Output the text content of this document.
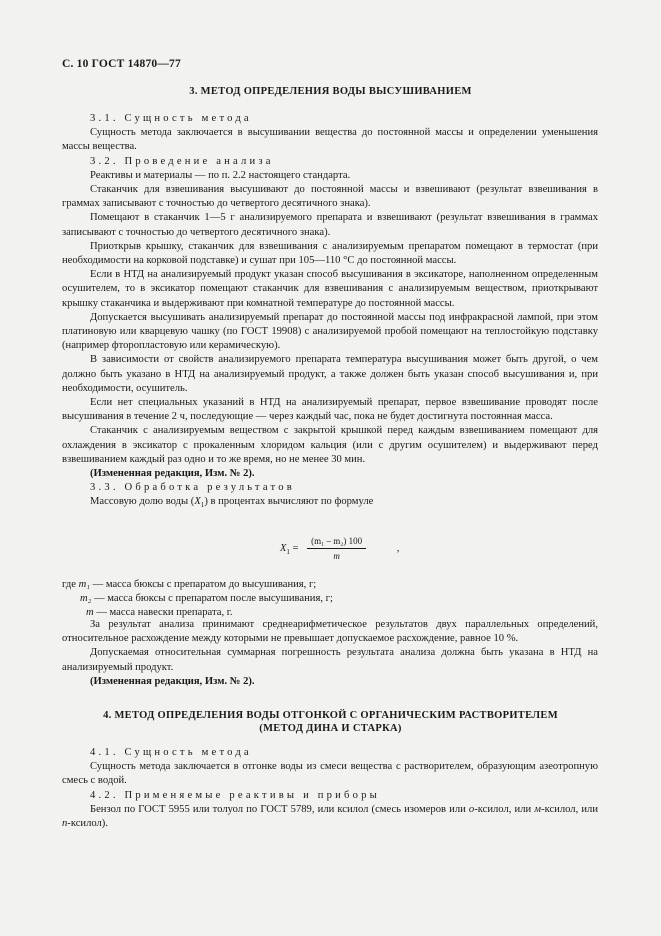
С. 10 ГОСТ 14870—77
3. МЕТОД ОПРЕДЕЛЕНИЯ ВОДЫ ВЫСУШИВАНИЕМ

3.1. Сущность метода

Сущность метода заключается в высушивании вещества до постоянной массы и определении уменьшения массы вещества.

3.2. Проведение анализа

Реактивы и материалы — по п. 2.2 настоящего стандарта.

Стаканчик для взвешивания высушивают до постоянной массы и взвешивают (результат взвешивания в граммах записывают с точностью до четвертого десятичного знака).

Помещают в стаканчик 1—5 г анализируемого препарата и взвешивают (результат взвешивания в граммах записывают с точностью до четвертого десятичного знака).

Приоткрыв крышку, стаканчик для взвешивания с анализируемым препаратом помещают в термостат (при необходимости на корковой подставке) и сушат при 105—110 °С до постоянной массы.

Если в НТД на анализируемый продукт указан способ высушивания в эксикаторе, наполненном определенным осушителем, то в эксикатор помещают стаканчик для взвешивания с анализируемым веществом, приоткрывают крышку стаканчика и выдерживают при комнатной температуре до постоянной массы.

Допускается высушивать анализируемый препарат до постоянной массы под инфракрасной лампой, при этом платиновую или кварцевую чашку (по ГОСТ 19908) с анализируемой пробой помещают на теплостойкую подставку (например фторопластовую или керамическую).

В зависимости от свойств анализируемого препарата температура высушивания может быть другой, о чем должно быть указано в НТД на анализируемый продукт, а также должен быть указан способ высушивания и, при необходимости, осушитель.

Если нет специальных указаний в НТД на анализируемый препарат, первое взвешивание проводят после высушивания в течение 2 ч, последующие — через каждый час, пока не будет достигнута постоянная масса.

Стаканчик с анализируемым веществом с закрытой крышкой перед каждым взвешиванием помещают для охлаждения в эксикатор с прокаленным хлоридом кальция (или с другим осушителем) и выдерживают перед взвешиванием каждый раз одно и то же время, но не менее 30 мин.

(Измененная редакция, Изм. № 2).

3.3. Обработка результатов

Массовую долю воды $(X_1)$ в процентах вычисляют по формуле

$X_1 = \frac{\text{(m₁ – m₂) 100}}{m}$	,
где m₁ — масса бюксы с препаратом до высушивания, г;
m₂ — масса бюксы с препаратом после высушивания, г;
m — масса навески препарата, г.

За результат анализа принимают среднеарифметическое результатов двух параллельных определений, относительное расхождение между которыми не превышает допускаемое расхождение, равное 10 %.

Допускаемая относительная суммарная погрешность результата анализа должна быть указана в НТД на анализируемый продукт.

(Измененная редакция, Изм. № 2).

4. МЕТОД ОПРЕДЕЛЕНИЯ ВОДЫ ОТГОНКОЙ С ОРГАНИЧЕСКИМ РАСТВОРИТЕЛЕМ
(МЕТОД ДИНА И СТАРКА)

4.1. Сущность метода

Сущность метода заключается в отгонке воды из смеси вещества с растворителем, образующим азеотропную смесь с водой.

4.2. Применяемые реактивы и приборы

Бензол по ГОСТ 5955 или толуол по ГОСТ 5789, или ксилол (смесь изомеров или о-ксилол, или м-ксилол, или п-ксилол).
